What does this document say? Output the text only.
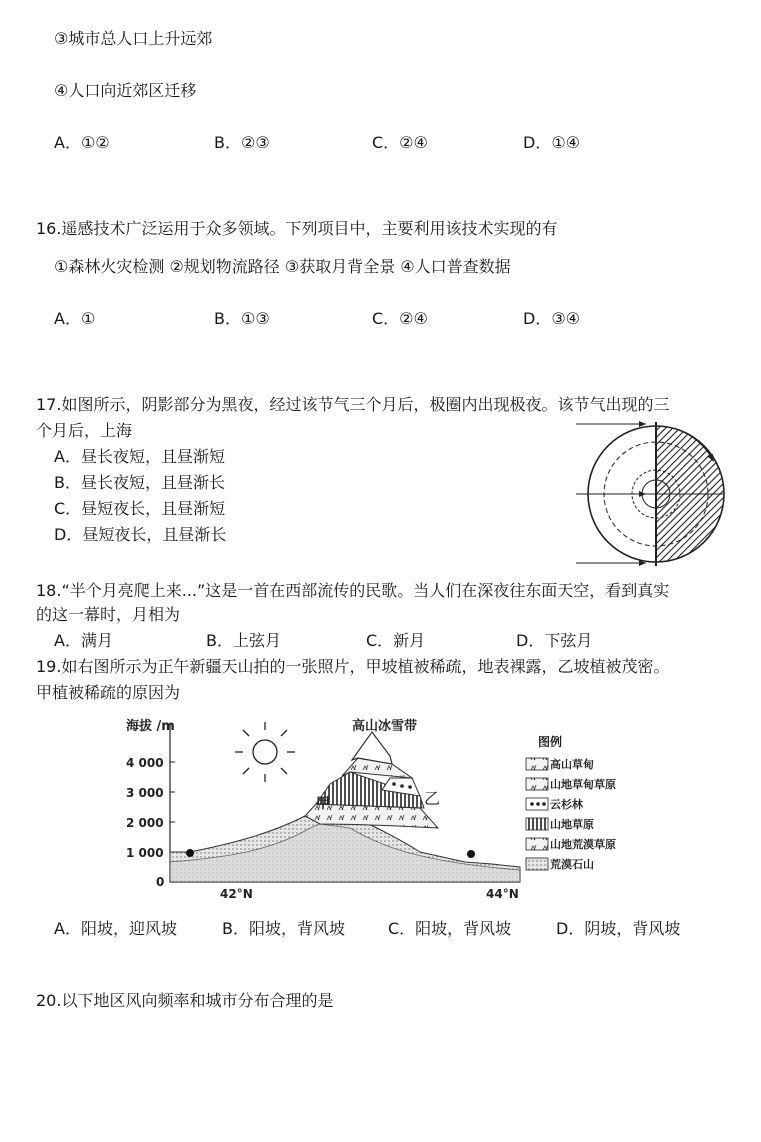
③城市总人口上升远郊
④人口向近郊区迁移
A．①②	B．②③	C．②④	D．①④
16.遥感技术广泛运用于众多领域。下列项目中，主要利用该技术实现的有
①森林火灾检测 ②规划物流路径 ③获取月背全景 ④人口普查数据
A．①	B．①③	C．②④	D．③④
17.如图所示，阴影部分为黑夜，经过该节气三个月后，极圈内出现极夜。该节气出现的三
个月后，上海
A．昼长夜短，且昼渐短
B．昼长夜短，且昼渐长
C．昼短夜长，且昼渐短
D．昼短夜长，且昼渐长
18.“半个月亮爬上来...”这是一首在西部流传的民歌。当人们在深夜往东面天空，看到真实
的这一幕时，月相为
A．满月	B．上弦月	C．新月	D．下弦月
19.如右图所示为正午新疆天山拍的一张照片，甲坡植被稀疏，地表裸露，乙坡植被茂密。
甲植被稀疏的原因为
海拔 /m
4 000
3 000
2 000
1 000
0
42°N	44°N
高山冰雪带
甲	乙
图例
高山草甸
山地草甸草原
云杉林
山地草原
山地荒漠草原
荒漠石山
A．阳坡，迎风坡	B．阳坡，背风坡	C．阳坡，背风坡	D．阴坡，背风坡
20.以下地区风向频率和城市分布合理的是
